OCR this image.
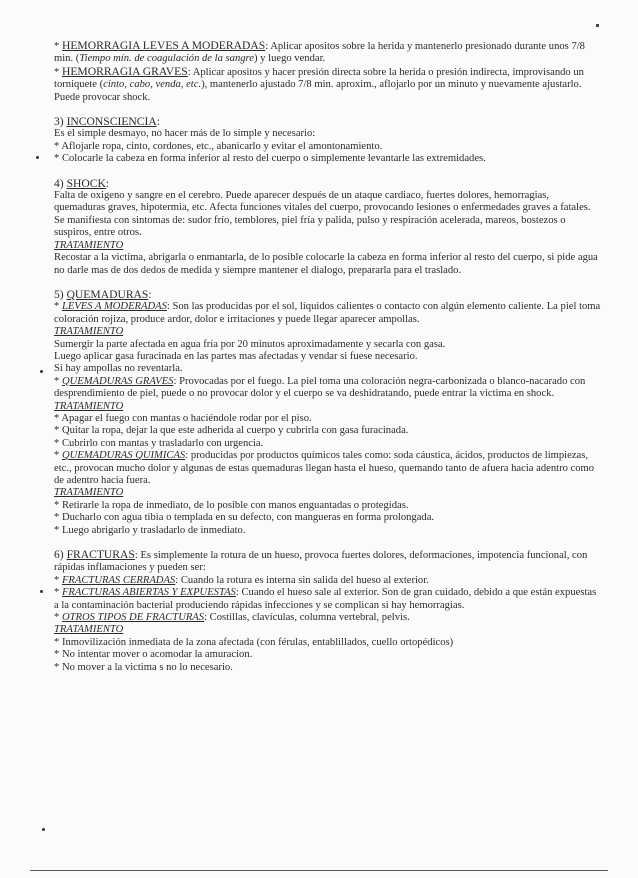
* HEMORRAGIA LEVES A MODERADAS: Aplicar apositos sobre la herida y mantenerlo presionado durante unos 7/8 min. (Tiempo mín. de coagulación de la sangre) y luego vendar.

* HEMORRAGIA GRAVES: Aplicar apositos y hacer presión directa sobre la herida o presión indirecta, improvisando un torniquete (cinto, cabo, venda, etc.), mantenerlo ajustado 7/8 min. aproxim., aflojarlo por un minuto y nuevamente ajustarlo. Puede provocar shock.

3) INCONSCIENCIA:

Es el simple desmayo, no hacer más de lo simple y necesario:

* Aflojarle ropa, cinto, cordones, etc., abanicarlo y evitar el amontonamiento.

* Colocarle la cabeza en forma inferior al resto del cuerpo o simplemente levantarle las extremidades.

4) SHOCK:

Falta de oxigeno y sangre en el cerebro. Puede aparecer después de un ataque cardiaco, fuertes dolores, hemorragias, quemaduras graves, hipotermia, etc. Afecta funciones vitales del cuerpo, provocando lesiones o enfermedades graves a fatales. Se manifiesta con sintomas de: sudor frío, temblores, piel fría y palida, pulso y respiración acelerada, mareos, bostezos o suspiros, entre otros.

TRATAMIENTO

Recostar a la victima, abrigarla o enmantarla, de lo posible colocarle la cabeza en forma inferior al resto del cuerpo, si pide agua no darle mas de dos dedos de medida y siempre mantener el dialogo, prepararla para el traslado.

5) QUEMADURAS:

* LEVES A MODERADAS: Son las producidas por el sol, líquidos calientes o contacto con algún elemento caliente. La piel toma coloración rojiza, produce ardor, dolor e irritaciones y puede llegar aparecer ampollas.

TRATAMIENTO

Sumergir la parte afectada en agua fría por 20 minutos aproximadamente y secarla con gasa.

Luego aplicar gasa furacinada en las partes mas afectadas y vendar si fuese necesario.

Si hay ampollas no reventarla.

* QUEMADURAS GRAVES: Provocadas por el fuego. La piel toma una coloración negra-carbonizada o blanco-nacarado con desprendimiento de piel, puede o no provocar dolor y el cuerpo se va deshidratando, puede entrar la victima en shock.

TRATAMIENTO

* Apagar el fuego con mantas o haciéndole rodar por el piso.

* Quitar la ropa, dejar la que este adherida al cuerpo y cubrirla con gasa furacinada.

* Cubrirlo con mantas y trasladarlo con urgencia.

* QUEMADURAS QUIMICAS: producidas por productos químicos tales como: soda cáustica, ácidos, productos de limpiezas, etc., provocan mucho dolor y algunas de estas quemaduras llegan hasta el hueso, quemando tanto de afuera hacia adentro como de adentro hacia fuera.

TRATAMIENTO

* Retirarle la ropa de inmediato, de lo posible con manos enguantadas o protegidas.

* Ducharlo con agua tibia o templada en su defecto, con mangueras en forma prolongada.

* Luego abrigarlo y trasladarlo de inmediato.

6) FRACTURAS: Es simplemente la rotura de un hueso, provoca fuertes dolores, deformaciones, impotencia funcional, con rápidas inflamaciones y pueden ser:

* FRACTURAS CERRADAS: Cuando la rotura es interna sin salida del hueso al exterior.

* FRACTURAS ABIERTAS Y EXPUESTAS: Cuando el hueso sale al exterior. Son de gran cuidado, debido a que están expuestas a la contaminación bacterial produciendo rápidas infecciones y se complican si hay hemorragias.

* OTROS TIPOS DE FRACTURAS: Costillas, clavículas, columna vertebral, pelvis.

TRATAMIENTO

* Inmovilización inmediata de la zona afectada (con férulas, entablillados, cuello ortopédicos)

* No intentar mover o acomodar la amuracion.

* No mover a la victima s no lo necesario.
